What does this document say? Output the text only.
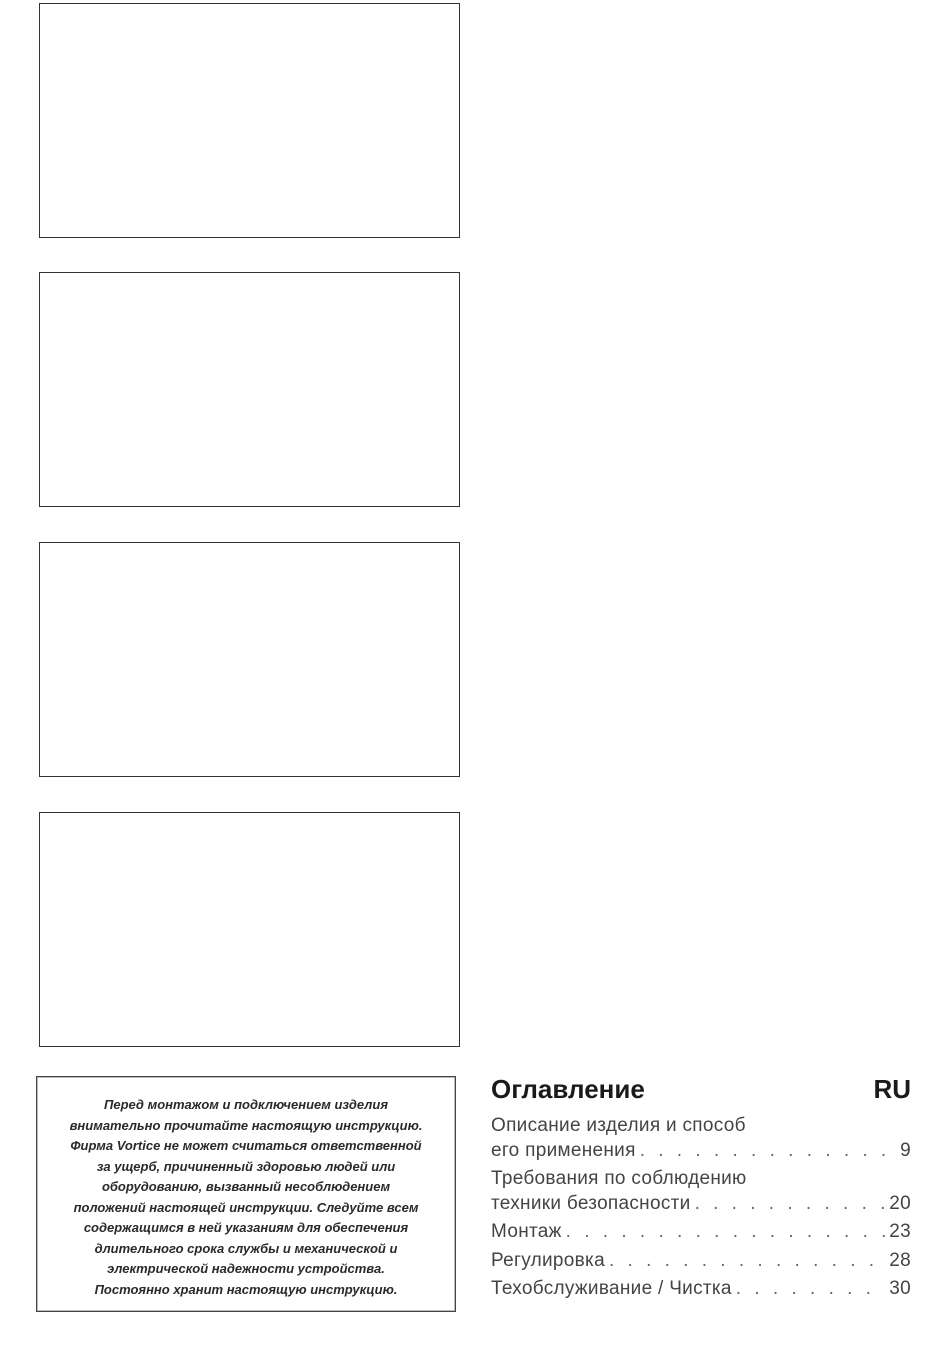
Перед монтажом и подключением изделия
внимательно прочитайте настоящую инструкцию.
Фирма Vortice не может считаться ответственной
за ущерб, причиненный здоровью людей или
оборудованию, вызванный несоблюдением
положений настоящей инструкции. Следуйте всем
содержащимся в ней указаниям для обеспечения
длительного срока службы и механической и
электрической надежности устройства.
Постоянно хранит настоящую инструкцию.
Оглавление	RU
Описание изделия и способ
его применения . . .	9
Требования по соблюдению
техники безопасности . . .	20
Монтаж . . .	23
Регулировка . . .	28
Техобслуживание / Чистка . . .	30
